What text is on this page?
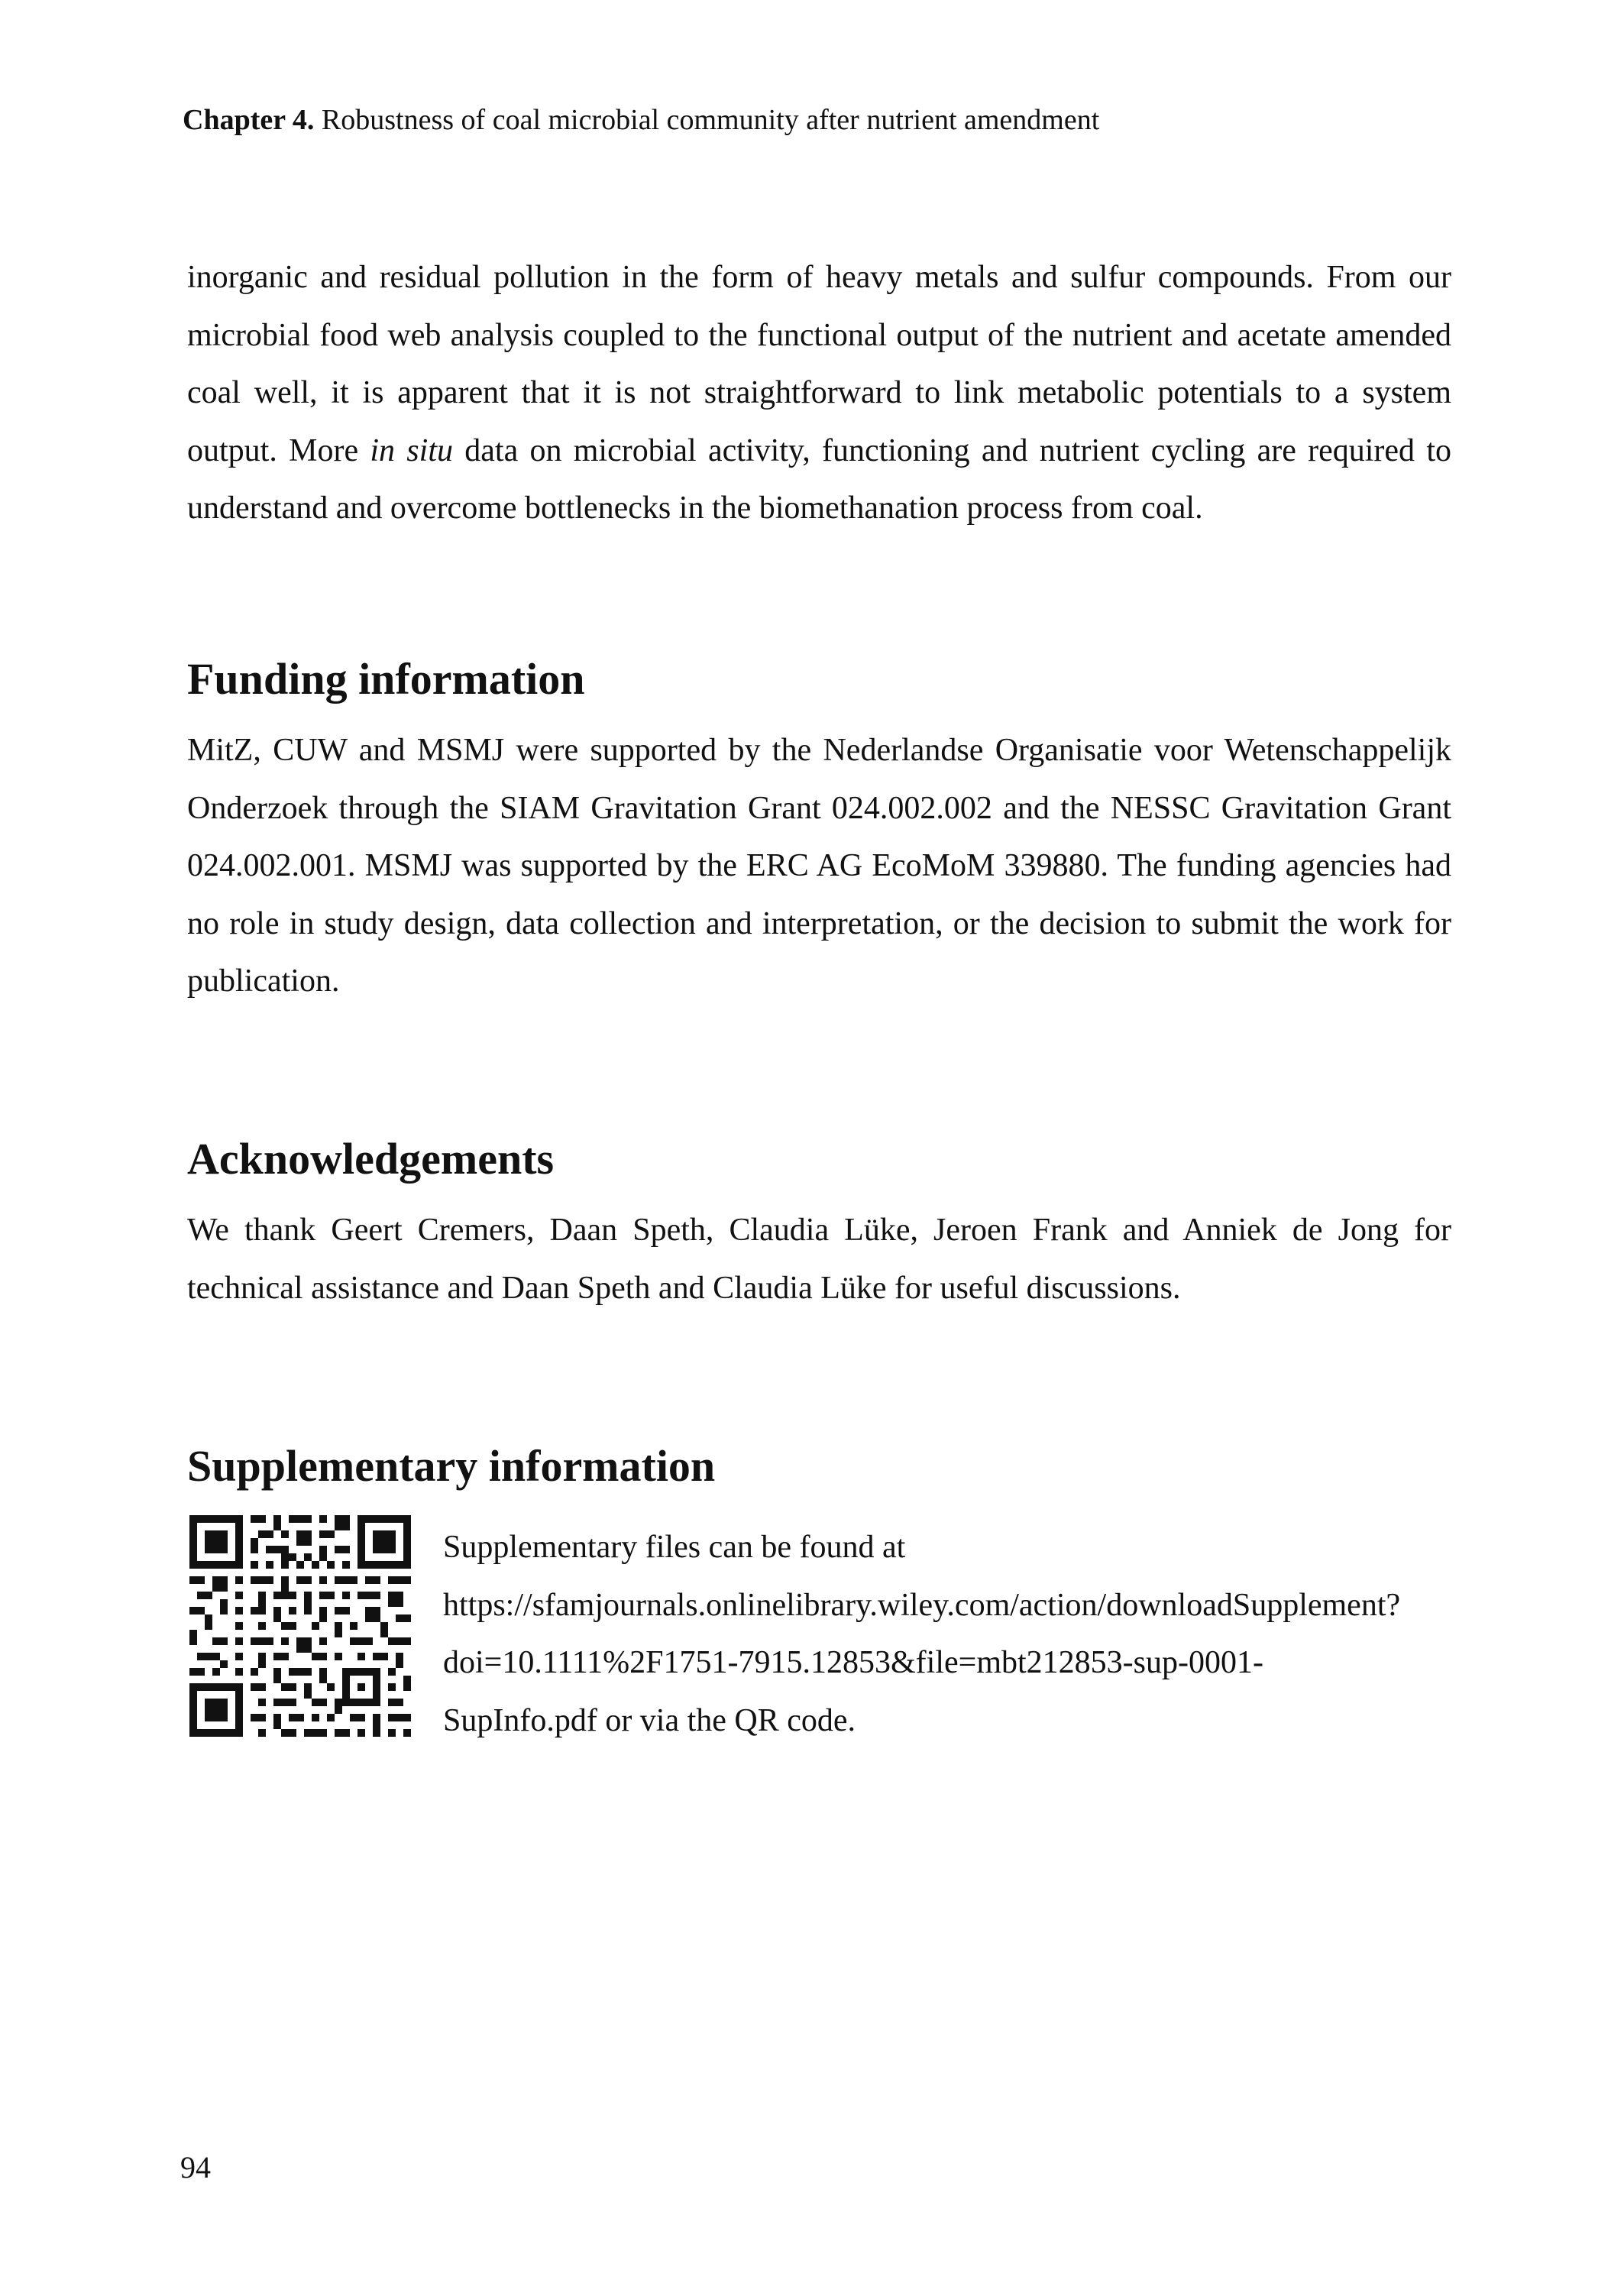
Chapter 4. Robustness of coal microbial community after nutrient amendment

inorganic and residual pollution in the form of heavy metals and sulfur compounds. From our microbial food web analysis coupled to the functional output of the nutrient and acetate amended coal well, it is apparent that it is not straightforward to link metabolic potentials to a system output. More in situ data on microbial activity, functioning and nutrient cycling are required to understand and overcome bottlenecks in the biomethanation process from coal.

Funding information

MitZ, CUW and MSMJ were supported by the Nederlandse Organisatie voor Wetenschappelijk Onderzoek through the SIAM Gravitation Grant 024.002.002 and the NESSC Gravitation Grant 024.002.001. MSMJ was supported by the ERC AG EcoMoM 339880. The funding agencies had no role in study design, data collection and interpretation, or the decision to submit the work for publication.

Acknowledgements

We thank Geert Cremers, Daan Speth, Claudia Lüke, Jeroen Frank and Anniek de Jong for technical assistance and Daan Speth and Claudia Lüke for useful discussions.

Supplementary information
Supplementary files can be found at
https://sfamjournals.onlinelibrary.wiley.com/action/downloadSupplement?
doi=10.1111%2F1751-7915.12853&file=mbt212853-sup-0001-
SupInfo.pdf or via the QR code.
94
